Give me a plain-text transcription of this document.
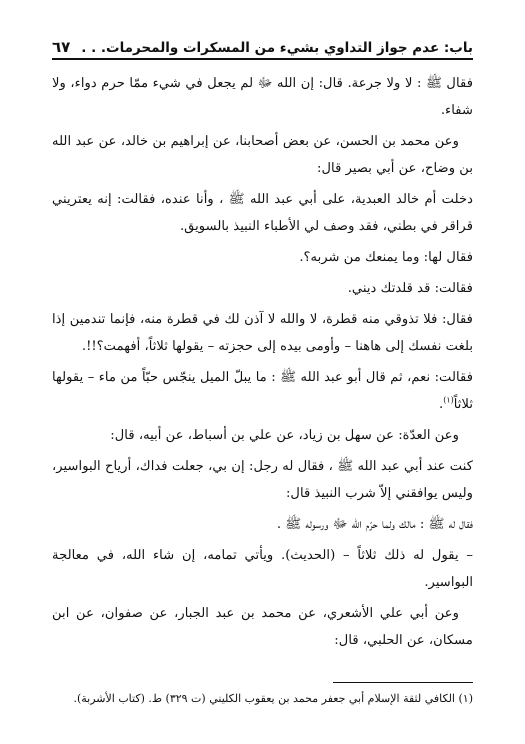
باب: عدم جواز التداوي بشيء من المسكرات والمحرمات. . .
٦٧

فقال ﷺ : لا ولا جرعة. قال: إن الله ﷻ لم يجعل في شيء ممّا حرم دواء، ولا شفاء.

وعن محمد بن الحسن، عن بعض أصحابنا، عن إبراهيم بن خالد، عن عبد الله بن وضاح، عن أبي بصير قال:

دخلت أم خالد العبدية، على أبي عبد الله ﷺ ، وأنا عنده، فقالت: إنه يعتريني قراقر في بطني، فقد وصف لي الأطباء النبيذ بالسويق.

فقال لها: وما يمنعك من شربه؟.

فقالت: قد قلدتك ديني.

فقال: فلا تذوقي منه قطرة، لا والله لا آذن لك في قطرة منه، فإنما تندمين إذا بلغت نفسك إلى هاهنا – وأومى بيده إلى حجزته – يقولها ثلاثاً، أفهمت؟!!.

فقالت: نعم، ثم قال أبو عبد الله ﷺ : ما يبلّ الميل ينجّس حبّاً من ماء – يقولها ثلاثاً$^{(١)}$.

وعن العدّة: عن سهل بن زياد، عن علي بن أسباط، عن أبيه، قال:

كنت عند أبي عبد الله ﷺ ، فقال له رجل: إن بي، جعلت فداك، أرياح البواسير، وليس يوافقني إلاّ شرب النبيذ قال:

فقال له ﷺ : مالك ولما حرّم الله ﷻ ورسوله ﷺ .

– يقول له ذلك ثلاثاً – (الحديث). ويأتي تمامه، إن شاء الله، في معالجة البواسير.

وعن أبي علي الأشعري، عن محمد بن عبد الجبار، عن صفوان، عن ابن مسكان، عن الحلبي، قال:

(١) الكافي لثقة الإسلام أبي جعفر محمد بن يعقوب الكليني (ت ٣٢٩) ط. (كتاب الأشربة).
